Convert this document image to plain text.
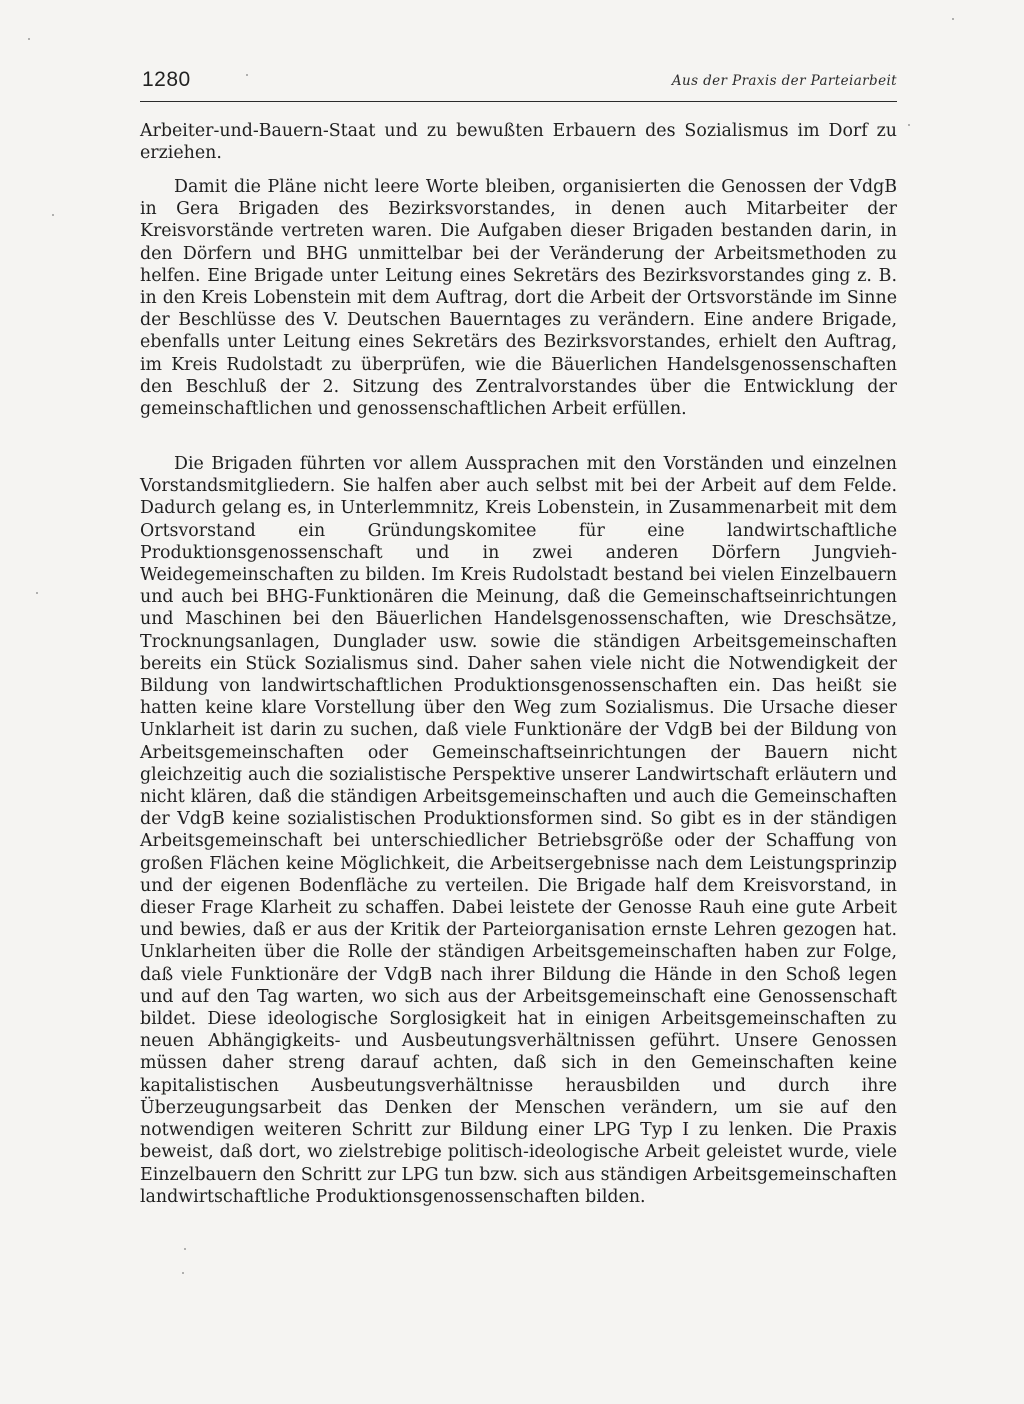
1280	Aus der Praxis der Parteiarbeit

Arbeiter-und-Bauern-Staat und zu bewußten Erbauern des Sozialismus im Dorf zu erziehen.

Damit die Pläne nicht leere Worte bleiben, organisierten die Genossen der VdgB in Gera Brigaden des Bezirksvorstandes, in denen auch Mitarbeiter der Kreisvorstände vertreten waren. Die Aufgaben dieser Brigaden bestanden darin, in den Dörfern und BHG unmittelbar bei der Veränderung der Arbeitsmethoden zu helfen. Eine Brigade unter Leitung eines Sekretärs des Bezirksvorstandes ging z. B. in den Kreis Lobenstein mit dem Auftrag, dort die Arbeit der Ortsvorstände im Sinne der Beschlüsse des V. Deutschen Bauerntages zu verändern. Eine andere Brigade, ebenfalls unter Leitung eines Sekretärs des Bezirksvorstandes, erhielt den Auftrag, im Kreis Rudolstadt zu überprüfen, wie die Bäuerlichen Handelsgenossenschaften den Beschluß der 2. Sitzung des Zentralvorstandes über die Entwicklung der gemeinschaftlichen und genossenschaftlichen Arbeit erfüllen.

Die Brigaden führten vor allem Aussprachen mit den Vorständen und einzelnen Vorstandsmitgliedern. Sie halfen aber auch selbst mit bei der Arbeit auf dem Felde. Dadurch gelang es, in Unterlemmnitz, Kreis Lobenstein, in Zusammenarbeit mit dem Ortsvorstand ein Gründungskomitee für eine landwirtschaftliche Produktionsgenossenschaft und in zwei anderen Dörfern Jungvieh-Weidegemeinschaften zu bilden. Im Kreis Rudolstadt bestand bei vielen Einzelbauern und auch bei BHG-Funktionären die Meinung, daß die Gemeinschaftseinrichtungen und Maschinen bei den Bäuerlichen Handelsgenossenschaften, wie Dreschsätze, Trocknungsanlagen, Dunglader usw. sowie die ständigen Arbeitsgemeinschaften bereits ein Stück Sozialismus sind. Daher sahen viele nicht die Notwendigkeit der Bildung von landwirtschaftlichen Produktionsgenossenschaften ein. Das heißt sie hatten keine klare Vorstellung über den Weg zum Sozialismus. Die Ursache dieser Unklarheit ist darin zu suchen, daß viele Funktionäre der VdgB bei der Bildung von Arbeitsgemeinschaften oder Gemeinschaftseinrichtungen der Bauern nicht gleichzeitig auch die sozialistische Perspektive unserer Landwirtschaft erläutern und nicht klären, daß die ständigen Arbeitsgemeinschaften und auch die Gemeinschaften der VdgB keine sozialistischen Produktionsformen sind. So gibt es in der ständigen Arbeitsgemeinschaft bei unterschiedlicher Betriebsgröße oder der Schaffung von großen Flächen keine Möglichkeit, die Arbeitsergebnisse nach dem Leistungsprinzip und der eigenen Bodenfläche zu verteilen. Die Brigade half dem Kreisvorstand, in dieser Frage Klarheit zu schaffen. Dabei leistete der Genosse Rauh eine gute Arbeit und bewies, daß er aus der Kritik der Parteiorganisation ernste Lehren gezogen hat. Unklarheiten über die Rolle der ständigen Arbeitsgemeinschaften haben zur Folge, daß viele Funktionäre der VdgB nach ihrer Bildung die Hände in den Schoß legen und auf den Tag warten, wo sich aus der Arbeitsgemeinschaft eine Genossenschaft bildet. Diese ideologische Sorglosigkeit hat in einigen Arbeitsgemeinschaften zu neuen Abhängigkeits- und Ausbeutungsverhältnissen geführt. Unsere Genossen müssen daher streng darauf achten, daß sich in den Gemeinschaften keine kapitalistischen Ausbeutungsverhältnisse herausbilden und durch ihre Überzeugungsarbeit das Denken der Menschen verändern, um sie auf den notwendigen weiteren Schritt zur Bildung einer LPG Typ I zu lenken. Die Praxis beweist, daß dort, wo zielstrebige politisch-ideologische Arbeit geleistet wurde, viele Einzelbauern den Schritt zur LPG tun bzw. sich aus ständigen Arbeitsgemeinschaften landwirtschaftliche Produktionsgenossenschaften bilden.
